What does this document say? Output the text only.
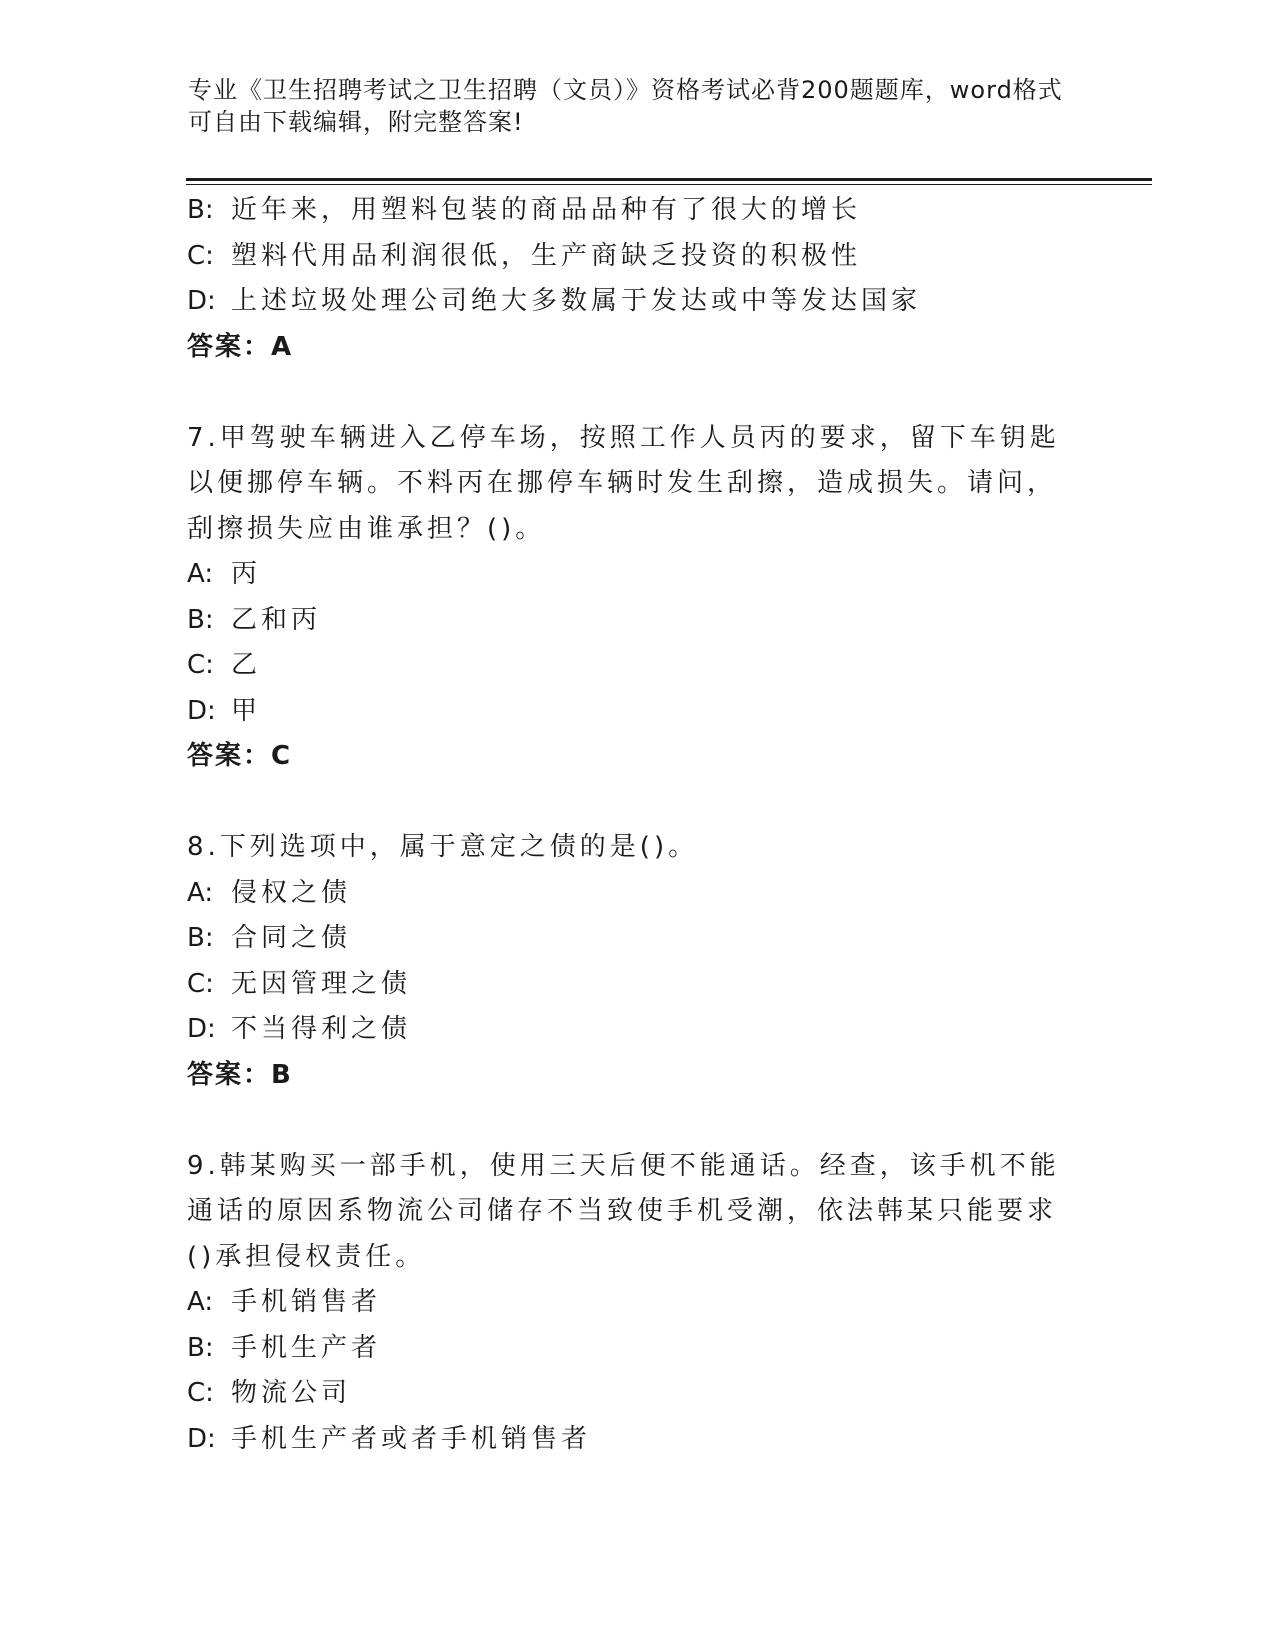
专业《卫生招聘考试之卫生招聘（文员）》资格考试必背200题题库，word格式
可自由下载编辑，附完整答案!
B: 近年来，用塑料包装的商品品种有了很大的增长
C: 塑料代用品利润很低，生产商缺乏投资的积极性
D: 上述垃圾处理公司绝大多数属于发达或中等发达国家
答案：A

7.甲驾驶车辆进入乙停车场，按照工作人员丙的要求，留下车钥匙以便挪停车辆。不料丙在挪停车辆时发生刮擦，造成损失。请问，刮擦损失应由谁承担？()。

A: 丙
B: 乙和丙
C: 乙
D: 甲
答案：C

8.下列选项中，属于意定之债的是()。

A: 侵权之债
B: 合同之债
C: 无因管理之债
D: 不当得利之债
答案：B

9.韩某购买一部手机，使用三天后便不能通话。经查，该手机不能通话的原因系物流公司储存不当致使手机受潮，依法韩某只能要求()承担侵权责任。

A: 手机销售者
B: 手机生产者
C: 物流公司
D: 手机生产者或者手机销售者
